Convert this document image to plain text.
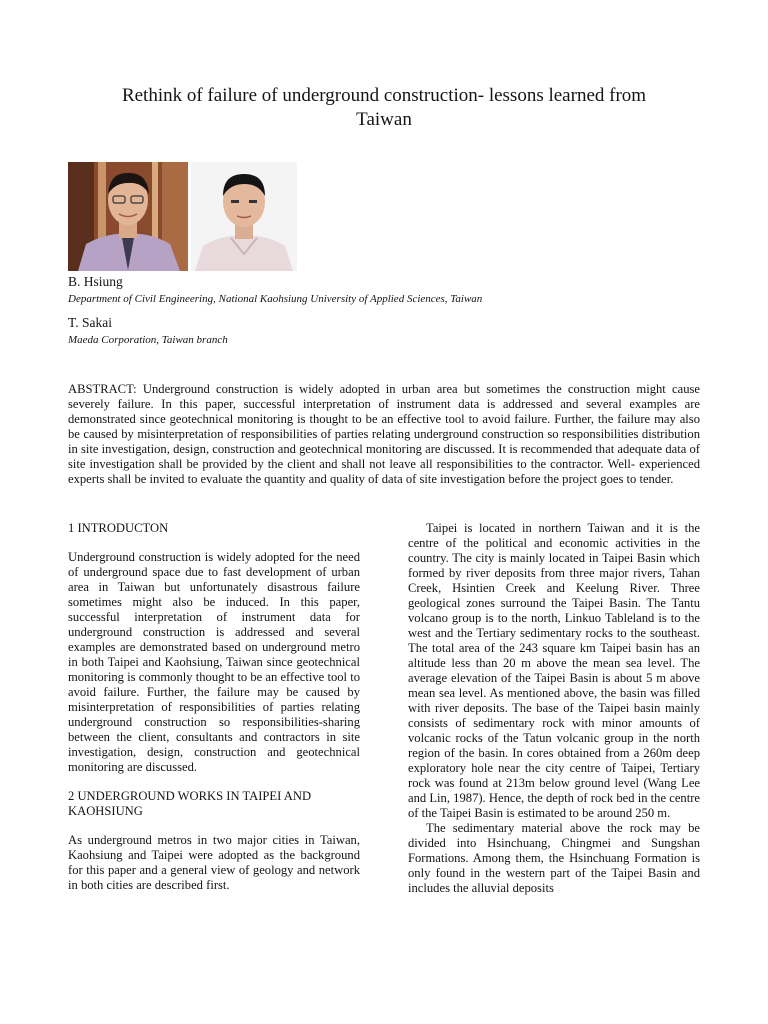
Rethink of failure of underground construction- lessons learned from Taiwan
B. Hsiung
Department of Civil Engineering, National Kaohsiung University of Applied Sciences, Taiwan
T. Sakai
Maeda Corporation, Taiwan branch

ABSTRACT: Underground construction is widely adopted in urban area but sometimes the construction might cause severely failure. In this paper, successful interpretation of instrument data is addressed and several examples are demonstrated since geotechnical monitoring is thought to be an effective tool to avoid failure. Further, the failure may also be caused by misinterpretation of responsibilities of parties relating underground construction so responsibilities distribution in site investigation, design, construction and geotechnical monitoring are discussed. It is recommended that adequate data of site investigation shall be provided by the client and shall not leave all responsibilities to the contractor. Well- experienced experts shall be invited to evaluate the quantity and quality of data of site investigation before the project goes to tender.

1 INTRODUCTON

Underground construction is widely adopted for the need of underground space due to fast development of urban area in Taiwan but unfortunately disastrous failure sometimes might also be induced. In this paper, successful interpretation of instrument data for underground construction is addressed and several examples are demonstrated based on underground metro in both Taipei and Kaohsiung, Taiwan since geotechnical monitoring is commonly thought to be an effective tool to avoid failure. Further, the failure may be caused by misinterpretation of responsibilities of parties relating underground construction so responsibilities-sharing between the client, consultants and contractors in site investigation, design, construction and geotechnical monitoring are discussed.

2 UNDERGROUND WORKS IN TAIPEI AND KAOHSIUNG

As underground metros in two major cities in Taiwan, Kaohsiung and Taipei were adopted as the background for this paper and a general view of geology and network in both cities are described first.

Taipei is located in northern Taiwan and it is the centre of the political and economic activities in the country. The city is mainly located in Taipei Basin which formed by river deposits from three major rivers, Tahan Creek, Hsintien Creek and Keelung River. Three geological zones surround the Taipei Basin. The Tantu volcano group is to the north, Linkuo Tableland is to the west and the Tertiary sedimentary rocks to the southeast. The total area of the 243 square km Taipei basin has an altitude less than 20 m above the mean sea level. The average elevation of the Taipei Basin is about 5 m above mean sea level. As mentioned above, the basin was filled with river deposits. The base of the Taipei basin mainly consists of sedimentary rock with minor amounts of volcanic rocks of the Tatun volcanic group in the north region of the basin. In cores obtained from a 260m deep exploratory hole near the city centre of Taipei, Tertiary rock was found at 213m below ground level (Wang Lee and Lin, 1987). Hence, the depth of rock bed in the centre of the Taipei Basin is estimated to be around 250 m.

The sedimentary material above the rock may be divided into Hsinchuang, Chingmei and Sungshan Formations. Among them, the Hsinchuang Formation is only found in the western part of the Taipei Basin and includes the alluvial deposits
